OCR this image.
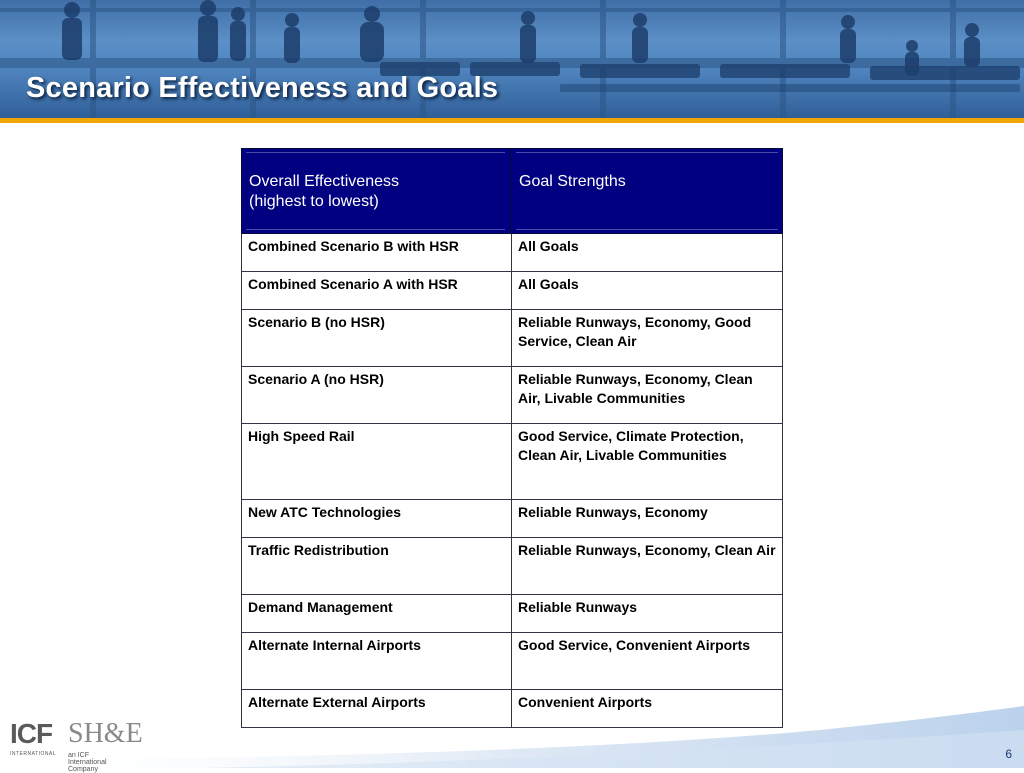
Scenario Effectiveness and Goals
Overall Effectiveness
(highest to lowest)	Goal Strengths

Combined Scenario B with HSR	All Goals
Combined Scenario A with HSR	All Goals
Scenario B (no HSR)	Reliable Runways, Economy, Good Service, Clean Air
Scenario A (no HSR)	Reliable Runways, Economy, Clean Air, Livable Communities
High Speed Rail	Good Service, Climate Protection, Clean Air, Livable Communities
New ATC Technologies	Reliable Runways, Economy
Traffic Redistribution	Reliable Runways, Economy, Clean Air
Demand Management	Reliable Runways
Alternate Internal Airports	Good Service, Convenient Airports
Alternate External Airports	Convenient Airports
ICF
INTERNATIONAL
SH&E
an ICF International Company
6
